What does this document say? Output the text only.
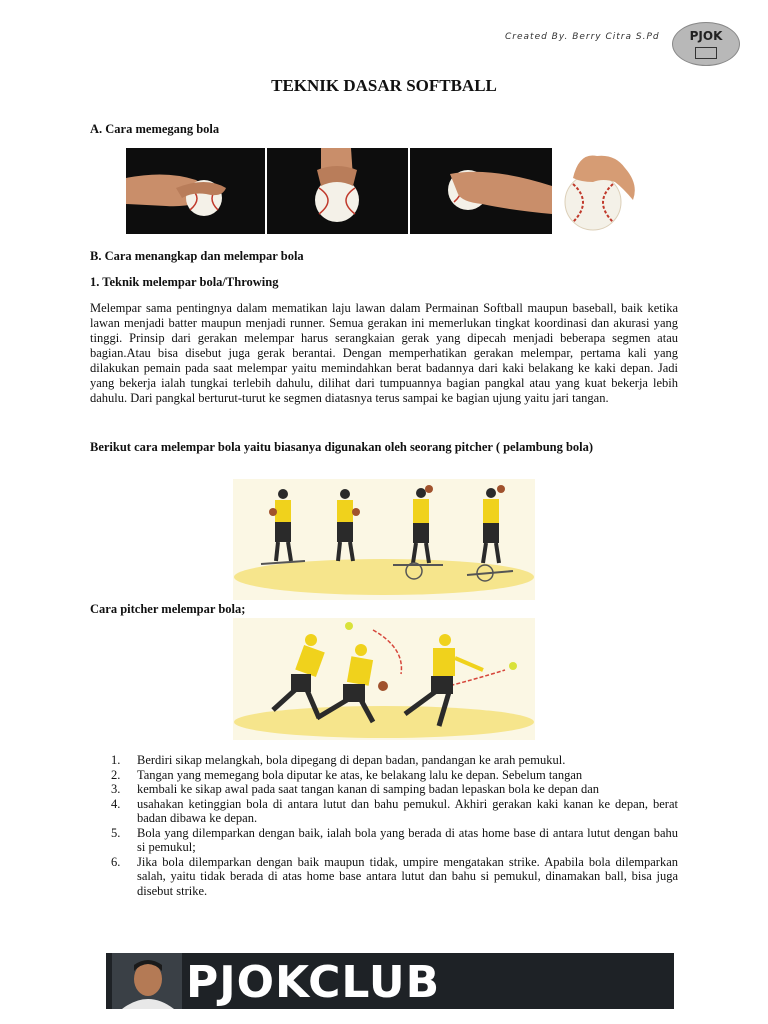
Created By. Berry Citra S.Pd	PJOK
TEKNIK DASAR SOFTBALL
A. Cara memegang bola
B. Cara menangkap dan melempar bola
1. Teknik melempar bola/Throwing
Melempar sama pentingnya dalam mematikan laju lawan dalam Permainan Softball maupun baseball, baik ketika lawan menjadi batter maupun menjadi runner. Semua gerakan ini memerlukan tingkat koordinasi dan akurasi yang tinggi. Prinsip dari gerakan melempar harus serangkaian gerak yang dipecah menjadi beberapa segmen atau bagian.Atau bisa disebut juga gerak berantai. Dengan memperhatikan gerakan melempar, pertama kali yang dilakukan pemain pada saat melempar yaitu memindahkan berat badannya dari kaki belakang ke kaki depan. Jadi yang bekerja ialah tungkai terlebih dahulu, dilihat dari tumpuannya bagian pangkal atau yang kuat bekerja lebih dahulu. Dari pangkal berturut-turut ke segmen diatasnya terus sampai ke bagian ujung yaitu jari tangan.
Berikut cara melempar bola yaitu biasanya digunakan oleh seorang pitcher ( pelambung bola)
Cara pitcher melempar bola;
1. Berdiri sikap melangkah, bola dipegang di depan badan, pandangan ke arah pemukul.
2. Tangan yang memegang bola diputar ke atas, ke belakang lalu ke depan. Sebelum tangan
3. kembali ke sikap awal pada saat tangan kanan di samping badan lepaskan bola ke depan dan
4. usahakan ketinggian bola di antara lutut dan bahu pemukul. Akhiri gerakan kaki kanan ke depan, berat badan dibawa ke depan.
5. Bola yang dilemparkan dengan baik, ialah bola yang berada di atas home base di antara lutut dengan bahu si pemukul;
6. Jika bola dilemparkan dengan baik maupun tidak, umpire mengatakan strike. Apabila bola dilemparkan salah, yaitu tidak berada di atas home base antara lutut dan bahu si pemukul, dinamakan ball, bisa juga disebut strike.
PJOKCLUB
